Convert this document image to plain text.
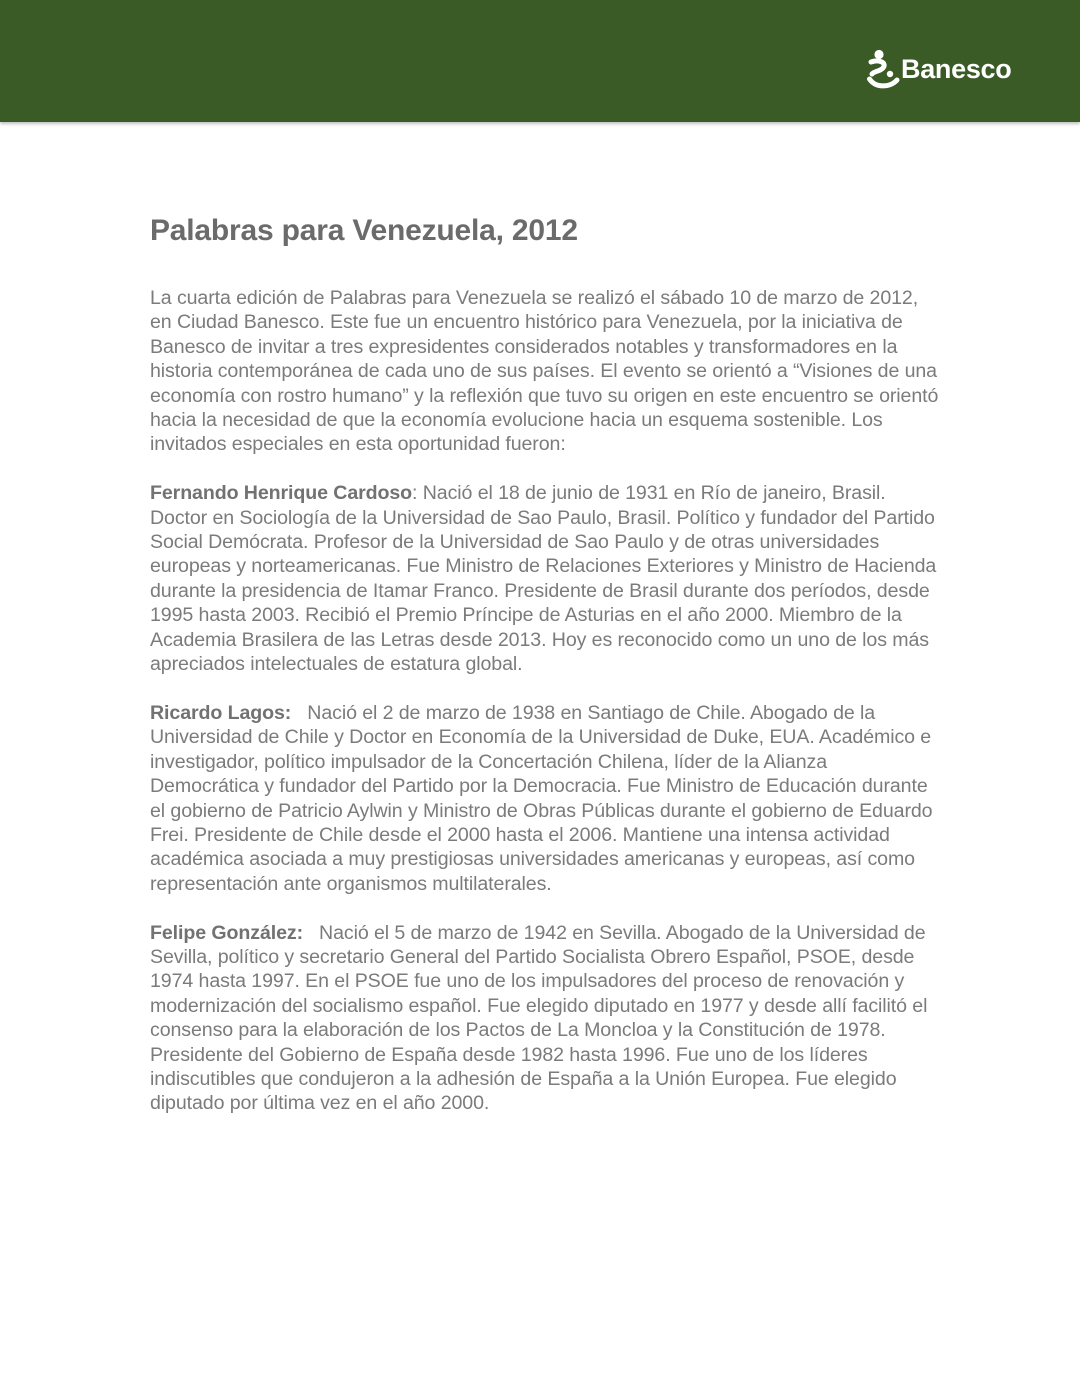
Banesco
Palabras para Venezuela, 2012

La cuarta edición de Palabras para Venezuela se realizó el sábado 10 de marzo de 2012, en Ciudad Banesco. Este fue un encuentro histórico para Venezuela, por la iniciativa de Banesco de invitar a tres expresidentes considerados notables y transformadores en la historia contemporánea de cada uno de sus países. El evento se orientó a “Visiones de una economía con rostro humano” y la reflexión que tuvo su origen en este encuentro se orientó hacia la necesidad de que la economía evolucione hacia un esquema sostenible. Los invitados especiales en esta oportunidad fueron:

Fernando Henrique Cardoso: Nació el 18 de junio de 1931 en Río de janeiro, Brasil. Doctor en Sociología de la Universidad de Sao Paulo, Brasil. Político y fundador del Partido Social Demócrata. Profesor de la Universidad de Sao Paulo y de otras universidades europeas y norteamericanas. Fue Ministro de Relaciones Exteriores y Ministro de Hacienda durante la presidencia de Itamar Franco. Presidente de Brasil durante dos períodos, desde 1995 hasta 2003. Recibió el Premio Príncipe de Asturias en el año 2000. Miembro de la Academia Brasilera de las Letras desde 2013. Hoy es reconocido como un uno de los más apreciados intelectuales de estatura global.

Ricardo Lagos: Nació el 2 de marzo de 1938 en Santiago de Chile. Abogado de la Universidad de Chile y Doctor en Economía de la Universidad de Duke, EUA. Académico e investigador, político impulsador de la Concertación Chilena, líder de la Alianza Democrática y fundador del Partido por la Democracia. Fue Ministro de Educación durante el gobierno de Patricio Aylwin y Ministro de Obras Públicas durante el gobierno de Eduardo Frei. Presidente de Chile desde el 2000 hasta el 2006. Mantiene una intensa actividad académica asociada a muy prestigiosas universidades americanas y europeas, así como representación ante organismos multilaterales.

Felipe González: Nació el 5 de marzo de 1942 en Sevilla. Abogado de la Universidad de Sevilla, político y secretario General del Partido Socialista Obrero Español, PSOE, desde 1974 hasta 1997. En el PSOE fue uno de los impulsadores del proceso de renovación y modernización del socialismo español. Fue elegido diputado en 1977 y desde allí facilitó el consenso para la elaboración de los Pactos de La Moncloa y la Constitución de 1978. Presidente del Gobierno de España desde 1982 hasta 1996. Fue uno de los líderes indiscutibles que condujeron a la adhesión de España a la Unión Europea. Fue elegido diputado por última vez en el año 2000.
